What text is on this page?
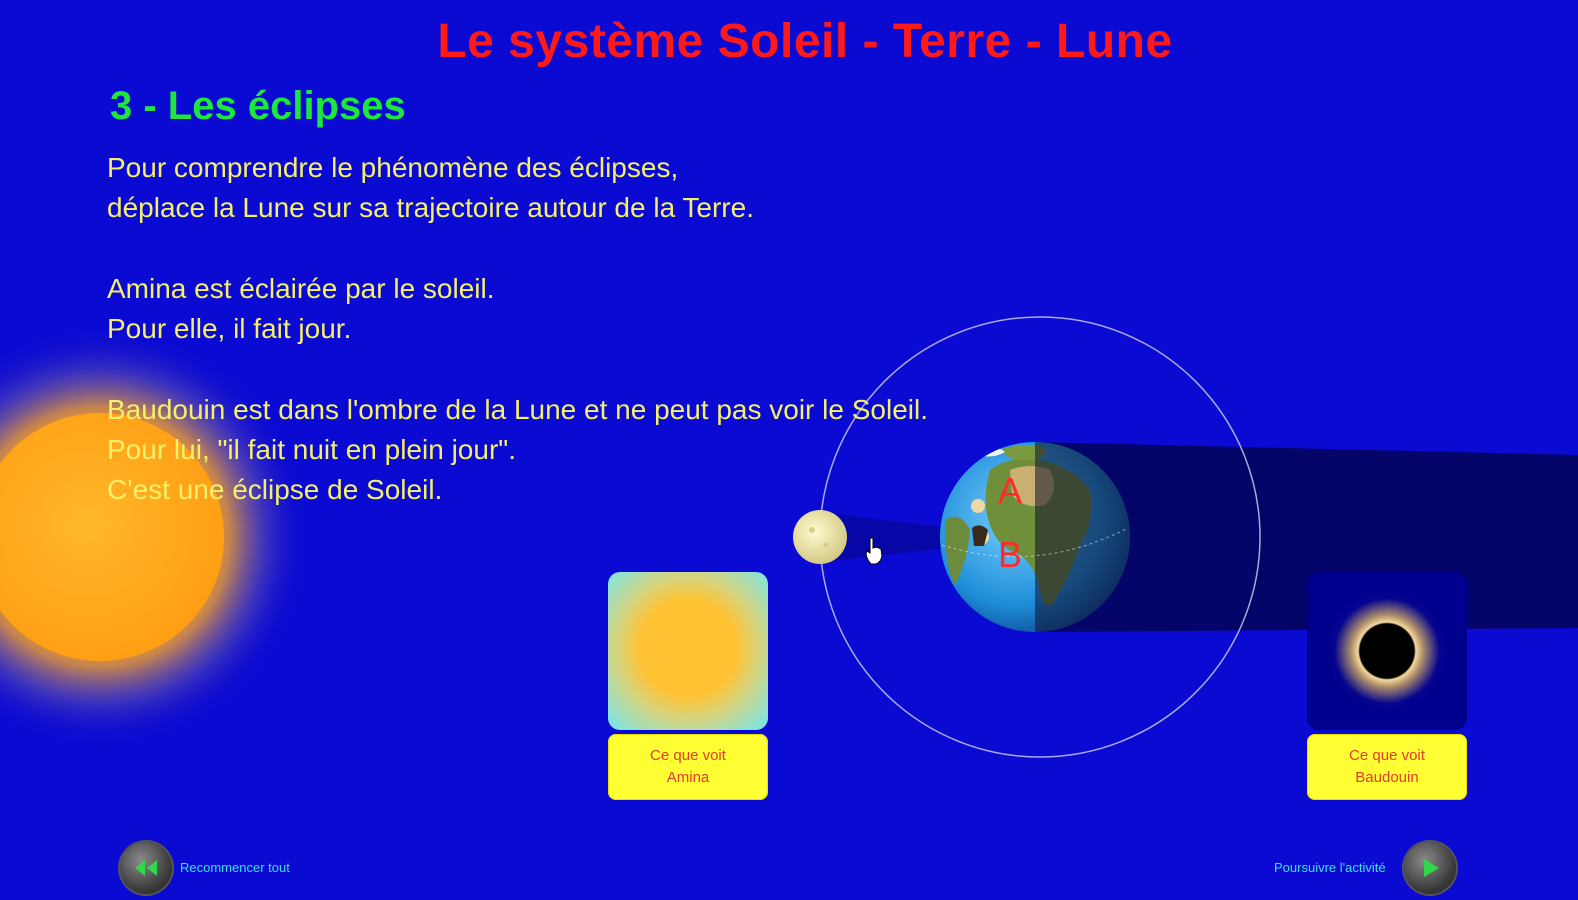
Le système Soleil - Terre - Lune
3 - Les éclipses

Pour comprendre le phénomène des éclipses,

déplace la Lune sur sa trajectoire autour de la Terre.

Amina est éclairée par le soleil.

Pour elle, il fait jour.

Baudouin est dans l'ombre de la Lune et ne peut pas voir le Soleil.

Pour lui, "il fait nuit en plein jour".

C'est une éclipse de Soleil.	A
B
Ce que voit
Amina
Ce que voit
Baudouin
Recommencer tout	Poursuivre l'activité
